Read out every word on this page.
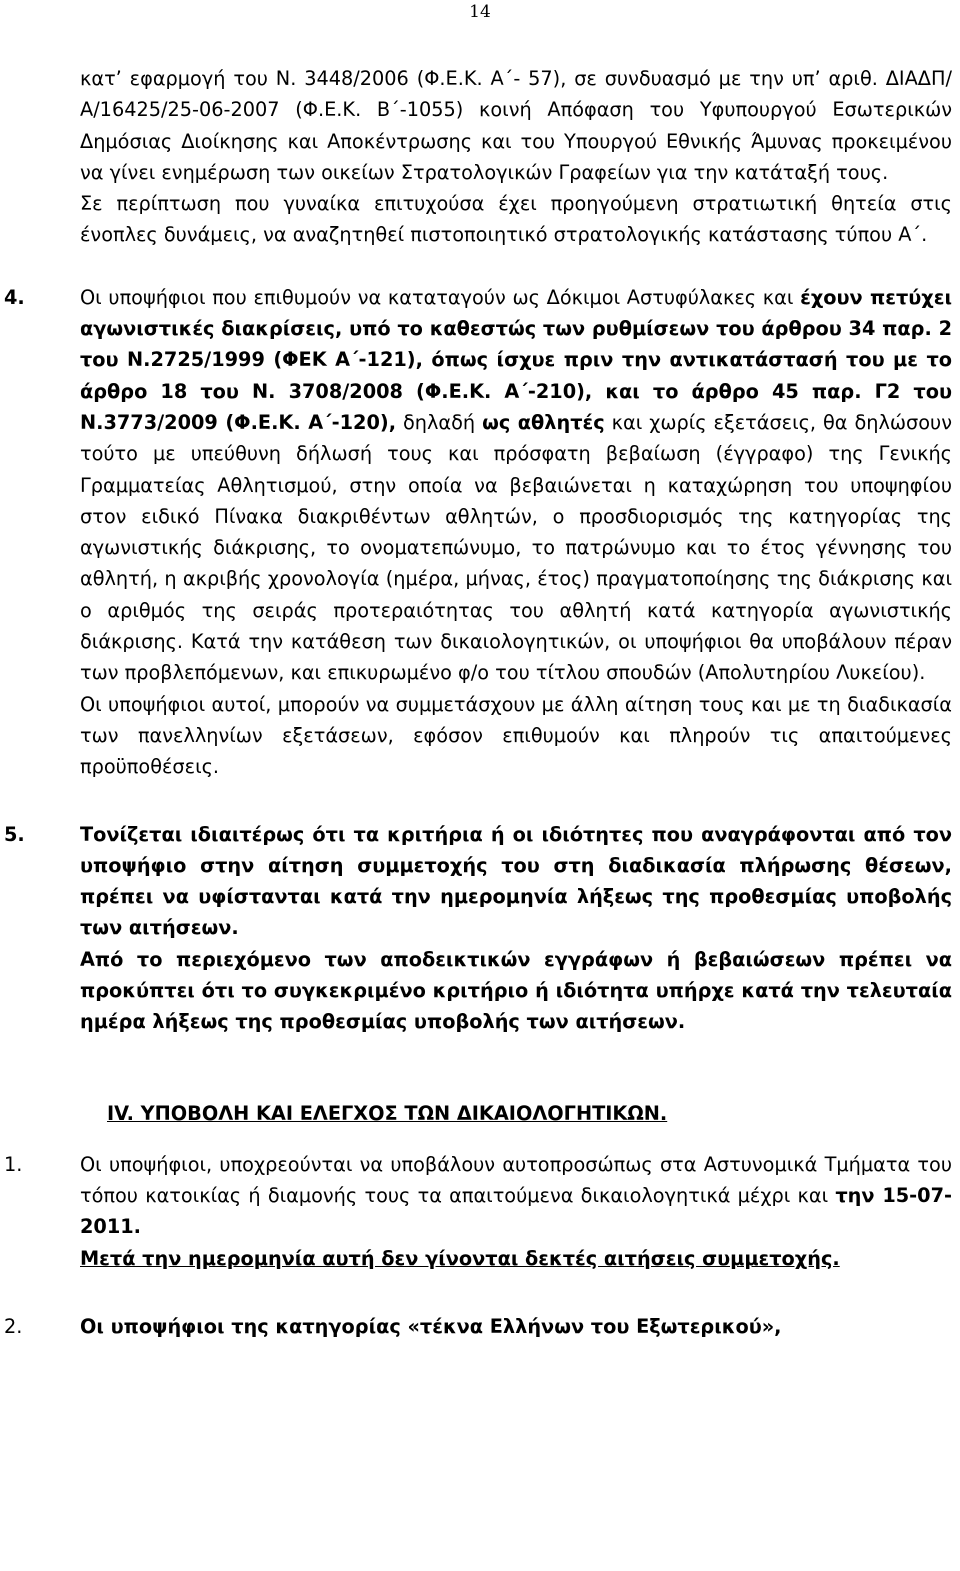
14
κατ’ εφαρμογή του Ν. 3448/2006 (Φ.Ε.Κ. Α΄- 57), σε συνδυασμό με την υπ’ αριθ. ΔΙΑΔΠ/Α/16425/25-06-2007 (Φ.Ε.Κ. Β΄-1055) κοινή Απόφαση του Υφυπουργού Εσωτερικών Δημόσιας Διοίκησης και Αποκέντρωσης και του Υπουργού Εθνικής Άμυνας προκειμένου να γίνει ενημέρωση των οικείων Στρατολογικών Γραφείων για την κατάταξή τους.
Σε περίπτωση που γυναίκα επιτυχούσα έχει προηγούμενη στρατιωτική θητεία στις ένοπλες δυνάμεις, να αναζητηθεί πιστοποιητικό στρατολογικής κατάστασης τύπου Α΄.
4.	Οι υποψήφιοι που επιθυμούν να καταταγούν ως Δόκιμοι Αστυφύλακες και έχουν πετύχει αγωνιστικές διακρίσεις, υπό το καθεστώς των ρυθμίσεων του άρθρου 34 παρ. 2 του Ν.2725/1999 (ΦΕΚ Α΄-121), όπως ίσχυε πριν την αντικατάστασή του με το άρθρο 18 του Ν. 3708/2008 (Φ.Ε.Κ. Α΄-210), και το άρθρο 45 παρ. Γ2 του Ν.3773/2009 (Φ.Ε.Κ. Α΄-120), δηλαδή ως αθλητές και χωρίς εξετάσεις, θα δηλώσουν τούτο με υπεύθυνη δήλωσή τους και πρόσφατη βεβαίωση (έγγραφο) της Γενικής Γραμματείας Αθλητισμού, στην οποία να βεβαιώνεται η καταχώρηση του υποψηφίου στον ειδικό Πίνακα διακριθέντων αθλητών, ο προσδιορισμός της κατηγορίας της αγωνιστικής διάκρισης, το ονοματεπώνυμο, το πατρώνυμο και το έτος γέννησης του αθλητή, η ακριβής χρονολογία (ημέρα, μήνας, έτος) πραγματοποίησης της διάκρισης και ο αριθμός της σειράς προτεραιότητας του αθλητή κατά κατηγορία αγωνιστικής διάκρισης. Κατά την κατάθεση των δικαιολογητικών, οι υποψήφιοι θα υποβάλουν πέραν των προβλεπόμενων, και επικυρωμένο φ/ο του τίτλου σπουδών (Απολυτηρίου Λυκείου).
Οι υποψήφιοι αυτοί, μπορούν να συμμετάσχουν με άλλη αίτηση τους και με τη διαδικασία των πανελληνίων εξετάσεων, εφόσον επιθυμούν και πληρούν τις απαιτούμενες προϋποθέσεις.
5.	Τονίζεται ιδιαιτέρως ότι τα κριτήρια ή οι ιδιότητες που αναγράφονται από τον υποψήφιο στην αίτηση συμμετοχής του στη διαδικασία πλήρωσης θέσεων, πρέπει να υφίστανται κατά την ημερομηνία λήξεως της προθεσμίας υποβολής των αιτήσεων.
Από το περιεχόμενο των αποδεικτικών εγγράφων ή βεβαιώσεων πρέπει να προκύπτει ότι το συγκεκριμένο κριτήριο ή ιδιότητα υπήρχε κατά την τελευταία ημέρα λήξεως της προθεσμίας υποβολής των αιτήσεων.
IV. ΥΠΟΒΟΛΗ ΚΑΙ ΕΛΕΓΧΟΣ ΤΩΝ ΔΙΚΑΙΟΛΟΓΗΤΙΚΩΝ.
1.	Οι υποψήφιοι, υποχρεούνται να υποβάλουν αυτοπροσώπως στα Αστυνομικά Τμήματα του τόπου κατοικίας ή διαμονής τους τα απαιτούμενα δικαιολογητικά μέχρι και την 15-07-2011.
Μετά την ημερομηνία αυτή δεν γίνονται δεκτές αιτήσεις συμμετοχής.
2.	Οι υποψήφιοι της κατηγορίας «τέκνα Ελλήνων του Εξωτερικού»,
